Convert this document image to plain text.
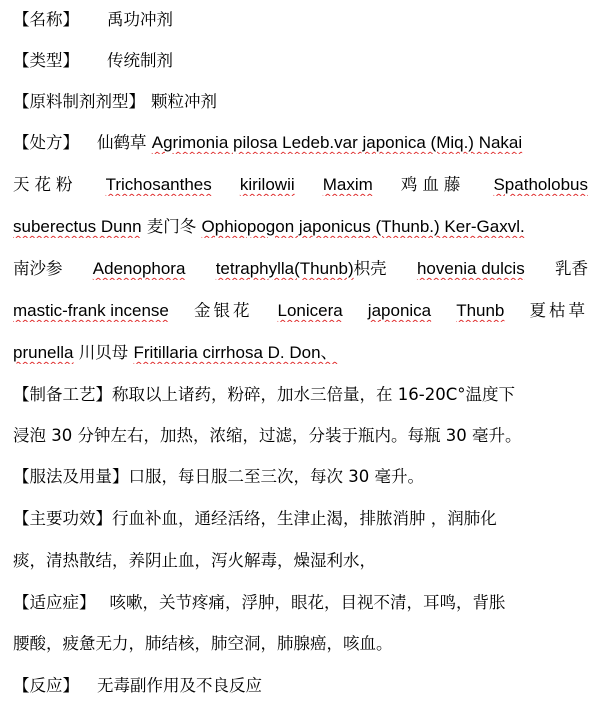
【名称】 禹功冲剂
【类型】 传统制剂
【原料制剂剂型】 颗粒冲剂
【处方】 仙鹤草 Agrimonia pilosa Ledeb.var japonica (Miq.) Nakai
天花粉 Trichosanthes kirilowii Maxim 鸡血藤 Spatholobus
suberectus Dunn 麦门冬 Ophiopogon japonicus (Thunb.) Ker-Gaxvl.
南沙参 Adenophora tetraphylla(Thunb)枳壳 hovenia dulcis 乳香
mastic-frank incense 金银花 Lonicera japonica Thunb 夏枯草
prunella 川贝母 Fritillaria cirrhosa D. Don、
【制备工艺】称取以上诸药，粉碎，加水三倍量，在 16-20C°温度下
浸泡 30 分钟左右，加热，浓缩，过滤，分装于瓶内。每瓶 30 毫升。
【服法及用量】口服，每日服二至三次，每次 30 毫升。
【主要功效】行血补血，通经活络，生津止渴，排脓消肿 ，润肺化
痰，清热散结，养阴止血，泻火解毒，燥湿利水，
【适应症】 咳嗽，关节疼痛，浮肿，眼花，目视不清，耳鸣，背胀
腰酸，疲惫无力，肺结核，肺空洞，肺腺癌，咳血。
【反应】 无毒副作用及不良反应
